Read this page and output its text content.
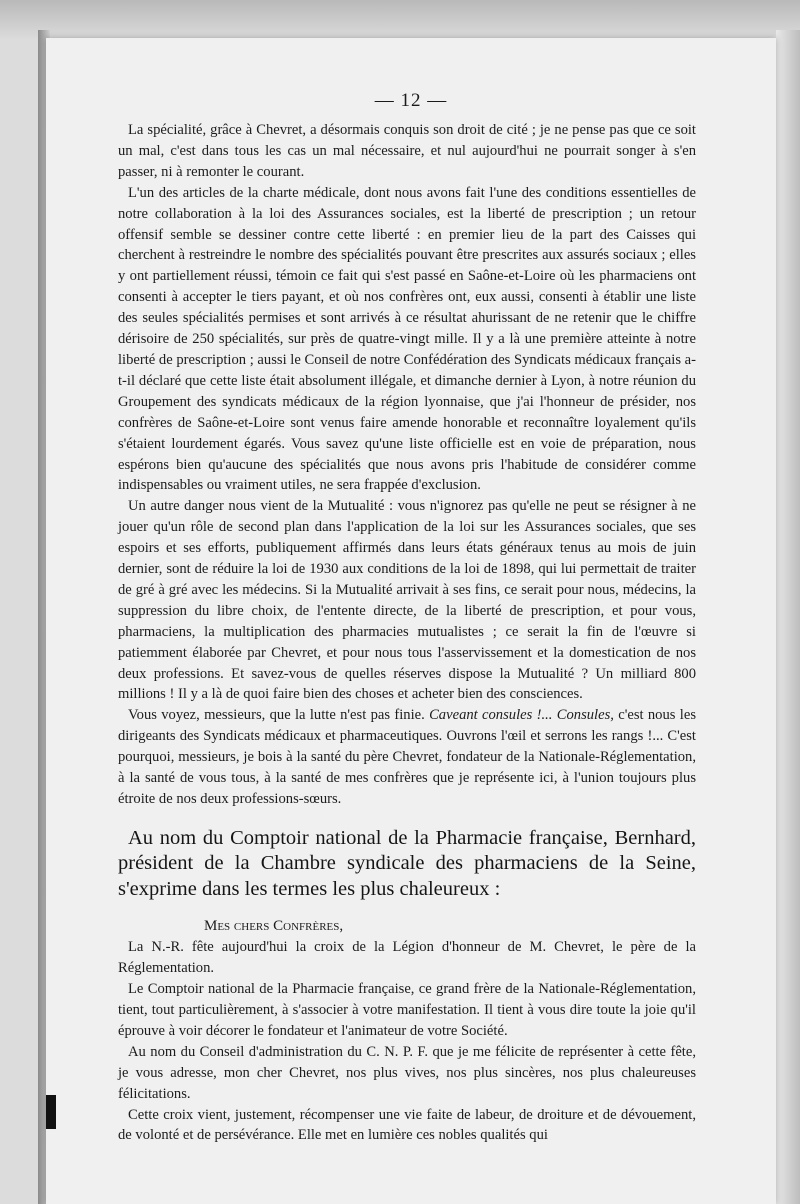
— 12 —

La spécialité, grâce à Chevret, a désormais conquis son droit de cité ; je ne pense pas que ce soit un mal, c'est dans tous les cas un mal nécessaire, et nul aujourd'hui ne pourrait songer à s'en passer, ni à remonter le courant.

L'un des articles de la charte médicale, dont nous avons fait l'une des conditions essentielles de notre collaboration à la loi des Assurances sociales, est la liberté de prescription ; un retour offensif semble se dessiner contre cette liberté : en premier lieu de la part des Caisses qui cherchent à restreindre le nombre des spécialités pouvant être prescrites aux assurés sociaux ; elles y ont partiellement réussi, témoin ce fait qui s'est passé en Saône-et-Loire où les pharmaciens ont consenti à accepter le tiers payant, et où nos confrères ont, eux aussi, consenti à établir une liste des seules spécialités permises et sont arrivés à ce résultat ahurissant de ne retenir que le chiffre dérisoire de 250 spécialités, sur près de quatre-vingt mille. Il y a là une première atteinte à notre liberté de prescription ; aussi le Conseil de notre Confédération des Syndicats médicaux français a-t-il déclaré que cette liste était absolument illégale, et dimanche dernier à Lyon, à notre réunion du Groupement des syndicats médicaux de la région lyonnaise, que j'ai l'honneur de présider, nos confrères de Saône-et-Loire sont venus faire amende honorable et reconnaître loyalement qu'ils s'étaient lourdement égarés. Vous savez qu'une liste officielle est en voie de préparation, nous espérons bien qu'aucune des spécialités que nous avons pris l'habitude de considérer comme indispensables ou vraiment utiles, ne sera frappée d'exclusion.

Un autre danger nous vient de la Mutualité : vous n'ignorez pas qu'elle ne peut se résigner à ne jouer qu'un rôle de second plan dans l'application de la loi sur les Assurances sociales, que ses espoirs et ses efforts, publiquement affirmés dans leurs états généraux tenus au mois de juin dernier, sont de réduire la loi de 1930 aux conditions de la loi de 1898, qui lui permettait de traiter de gré à gré avec les médecins. Si la Mutualité arrivait à ses fins, ce serait pour nous, médecins, la suppression du libre choix, de l'entente directe, de la liberté de prescription, et pour vous, pharmaciens, la multiplication des pharmacies mutualistes ; ce serait la fin de l'œuvre si patiemment élaborée par Chevret, et pour nous tous l'asservissement et la domestication de nos deux professions. Et savez-vous de quelles réserves dispose la Mutualité ? Un milliard 800 millions ! Il y a là de quoi faire bien des choses et acheter bien des consciences.

Vous voyez, messieurs, que la lutte n'est pas finie. Caveant consules !... Consules, c'est nous les dirigeants des Syndicats médicaux et pharmaceutiques. Ouvrons l'œil et serrons les rangs !... C'est pourquoi, messieurs, je bois à la santé du père Chevret, fondateur de la Nationale-Réglementation, à la santé de vous tous, à la santé de mes confrères que je représente ici, à l'union toujours plus étroite de nos deux professions-sœurs.

Au nom du Comptoir national de la Pharmacie française, Bernhard, président de la Chambre syndicale des pharmaciens de la Seine, s'exprime dans les termes les plus chaleureux :
Mes chers Confrères,

La N.-R. fête aujourd'hui la croix de la Légion d'honneur de M. Chevret, le père de la Réglementation.

Le Comptoir national de la Pharmacie française, ce grand frère de la Nationale-Réglementation, tient, tout particulièrement, à s'associer à votre manifestation. Il tient à vous dire toute la joie qu'il éprouve à voir décorer le fondateur et l'animateur de votre Société.

Au nom du Conseil d'administration du C. N. P. F. que je me félicite de représenter à cette fête, je vous adresse, mon cher Chevret, nos plus vives, nos plus sincères, nos plus chaleureuses félicitations.

Cette croix vient, justement, récompenser une vie faite de labeur, de droiture et de dévouement, de volonté et de persévérance. Elle met en lumière ces nobles qualités qui
